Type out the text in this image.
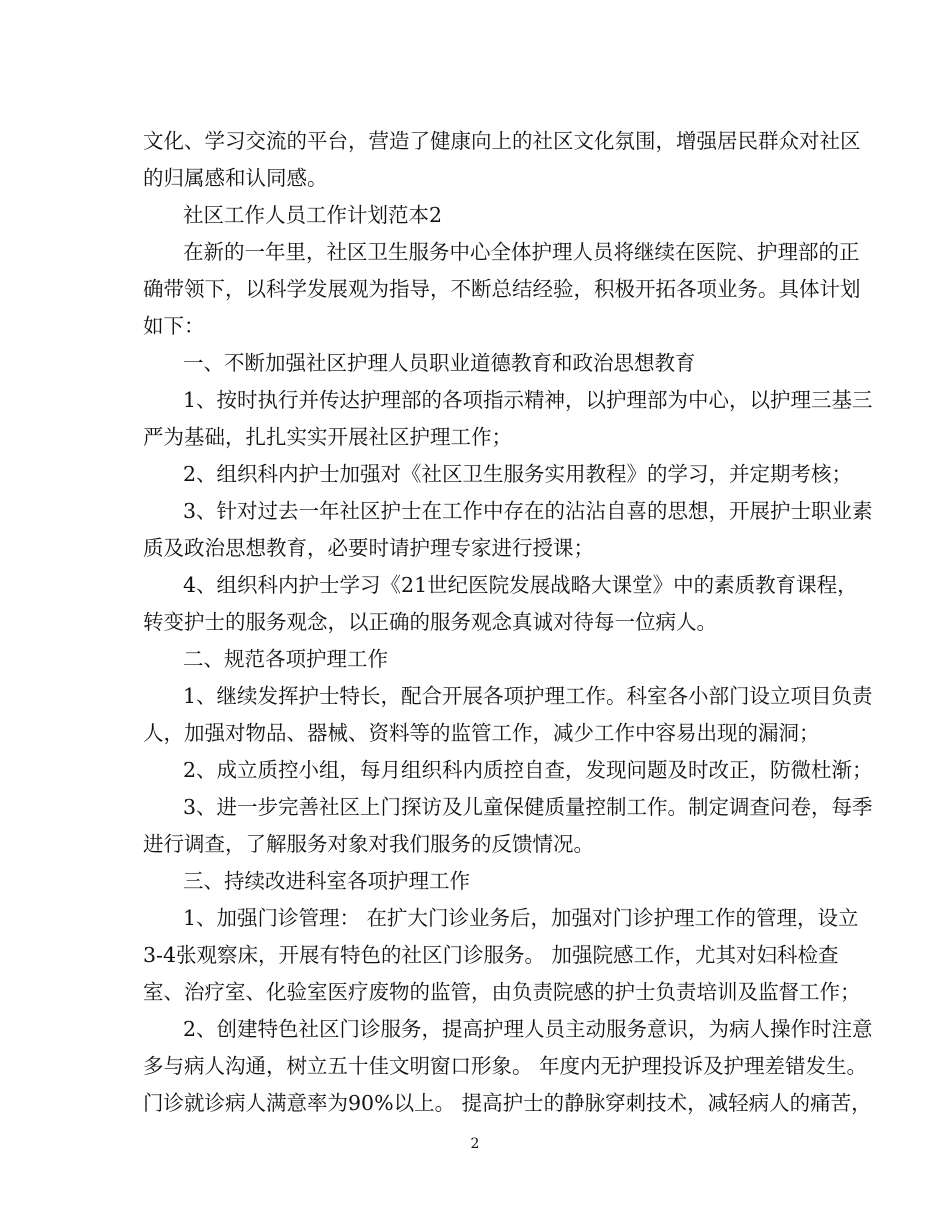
文化、学习交流的平台，营造了健康向上的社区文化氛围，增强居民群众对社区
的归属感和认同感。
社区工作人员工作计划范本2
在新的一年里，社区卫生服务中心全体护理人员将继续在医院、护理部的正
确带领下，以科学发展观为指导，不断总结经验，积极开拓各项业务。具体计划
如下：
一、不断加强社区护理人员职业道德教育和政治思想教育
1、按时执行并传达护理部的各项指示精神，以护理部为中心，以护理三基三
严为基础，扎扎实实开展社区护理工作；
2、组织科内护士加强对《社区卫生服务实用教程》的学习，并定期考核；
3、针对过去一年社区护士在工作中存在的沾沾自喜的思想，开展护士职业素
质及政治思想教育，必要时请护理专家进行授课；
4、组织科内护士学习《21世纪医院发展战略大课堂》中的素质教育课程，
转变护士的服务观念，以正确的服务观念真诚对待每一位病人。
二、规范各项护理工作
1、继续发挥护士特长，配合开展各项护理工作。科室各小部门设立项目负责
人，加强对物品、器械、资料等的监管工作，减少工作中容易出现的漏洞；
2、成立质控小组，每月组织科内质控自查，发现问题及时改正，防微杜渐；
3、进一步完善社区上门探访及儿童保健质量控制工作。制定调查问卷，每季
进行调查，了解服务对象对我们服务的反馈情况。
三、持续改进科室各项护理工作
1、加强门诊管理： 在扩大门诊业务后，加强对门诊护理工作的管理，设立
3-4张观察床，开展有特色的社区门诊服务。 加强院感工作，尤其对妇科检查
室、治疗室、化验室医疗废物的监管，由负责院感的护士负责培训及监督工作；
2、创建特色社区门诊服务，提高护理人员主动服务意识，为病人操作时注意
多与病人沟通，树立五十佳文明窗口形象。 年度内无护理投诉及护理差错发生。
门诊就诊病人满意率为90%以上。 提高护士的静脉穿刺技术，减轻病人的痛苦，
2
